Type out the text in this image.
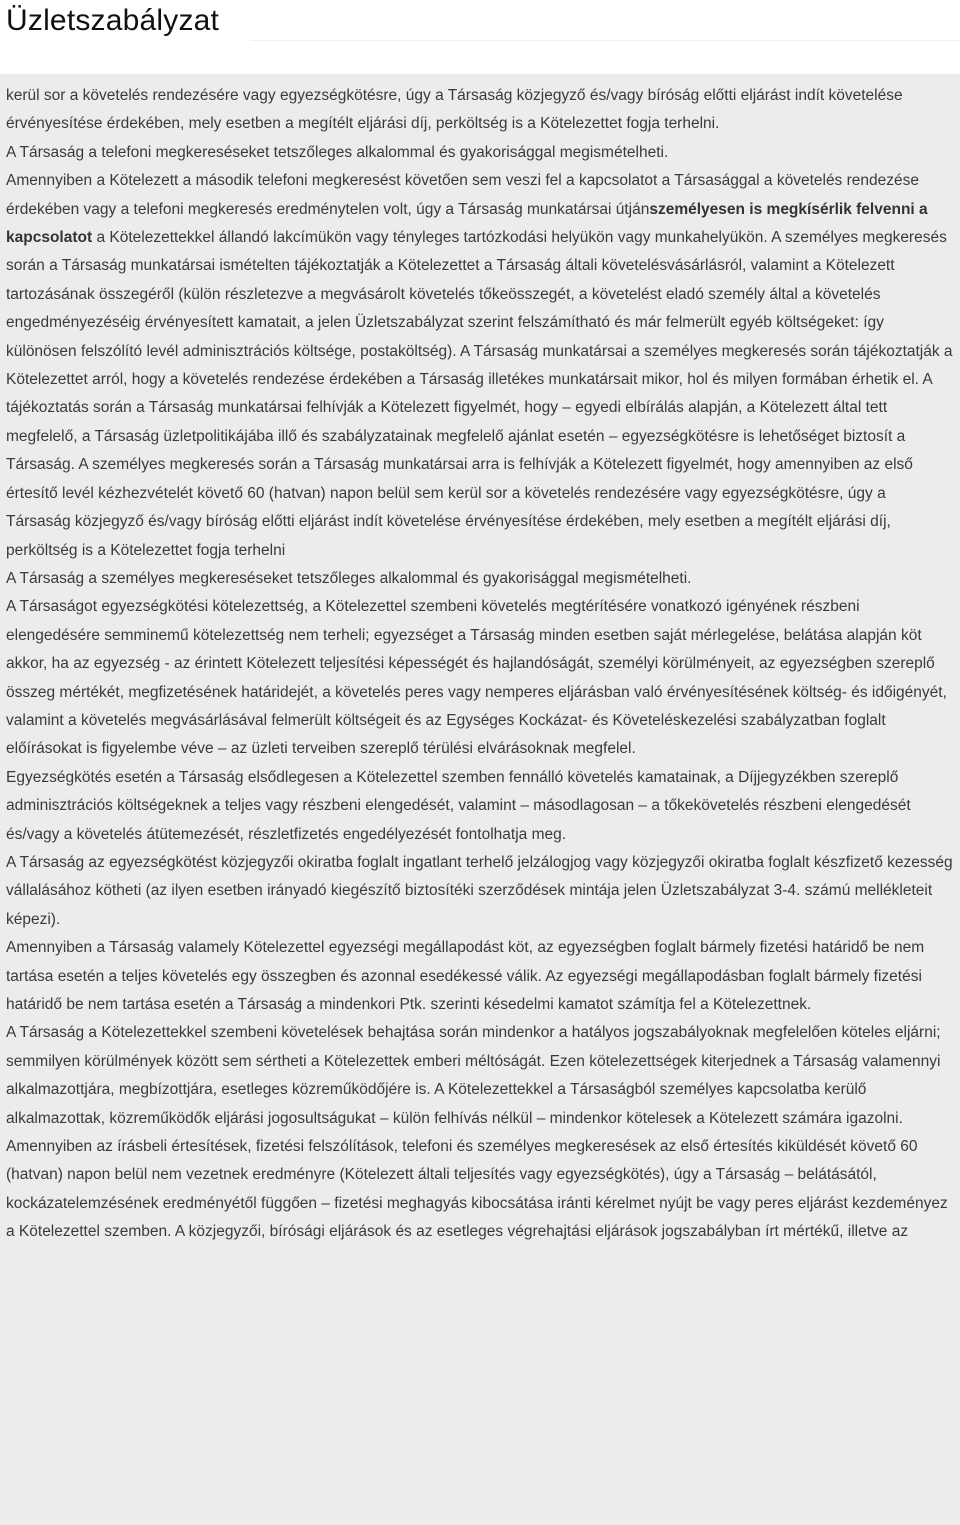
Üzletszabályzat

kerül sor a követelés rendezésére vagy egyezségkötésre, úgy a Társaság közjegyző és/vagy bíróság előtti eljárást indít követelése érvényesítése érdekében, mely esetben a megítélt eljárási díj, perköltség is a Kötelezettet fogja terhelni.

A Társaság a telefoni megkereséseket tetszőleges alkalommal és gyakorisággal megismételheti.

Amennyiben a Kötelezett a második telefoni megkeresést követően sem veszi fel a kapcsolatot a Társasággal a követelés rendezése érdekében vagy a telefoni megkeresés eredménytelen volt, úgy a Társaság munkatársai útjánszemélyesen is megkísérlik felvenni a kapcsolatot a Kötelezettekkel állandó lakcímükön vagy tényleges tartózkodási helyükön vagy munkahelyükön. A személyes megkeresés során a Társaság munkatársai ismételten tájékoztatják a Kötelezettet a Társaság általi követelésvásárlásról, valamint a Kötelezett tartozásának összegéről (külön részletezve a megvásárolt követelés tőkeösszegét, a követelést eladó személy által a követelés engedményezéséig érvényesített kamatait, a jelen Üzletszabályzat szerint felszámítható és már felmerült egyéb költségeket: így különösen felszólító levél adminisztrációs költsége, postaköltség). A Társaság munkatársai a személyes megkeresés során tájékoztatják a Kötelezettet arról, hogy a követelés rendezése érdekében a Társaság illetékes munkatársait mikor, hol és milyen formában érhetik el. A tájékoztatás során a Társaság munkatársai felhívják a Kötelezett figyelmét, hogy – egyedi elbírálás alapján, a Kötelezett által tett megfelelő, a Társaság üzletpolitikájába illő és szabályzatainak megfelelő ajánlat esetén – egyezségkötésre is lehetőséget biztosít a Társaság. A személyes megkeresés során a Társaság munkatársai arra is felhívják a Kötelezett figyelmét, hogy amennyiben az első értesítő levél kézhezvételét követő 60 (hatvan) napon belül sem kerül sor a követelés rendezésére vagy egyezségkötésre, úgy a Társaság közjegyző és/vagy bíróság előtti eljárást indít követelése érvényesítése érdekében, mely esetben a megítélt eljárási díj, perköltség is a Kötelezettet fogja terhelni

A Társaság a személyes megkereséseket tetszőleges alkalommal és gyakorisággal megismételheti.

A Társaságot egyezségkötési kötelezettség, a Kötelezettel szembeni követelés megtérítésére vonatkozó igényének részbeni elengedésére semminemű kötelezettség nem terheli; egyezséget a Társaság minden esetben saját mérlegelése, belátása alapján köt akkor, ha az egyezség - az érintett Kötelezett teljesítési képességét és hajlandóságát, személyi körülményeit, az egyezségben szereplő összeg mértékét, megfizetésének határidejét, a követelés peres vagy nemperes eljárásban való érvényesítésének költség- és időigényét, valamint a követelés megvásárlásával felmerült költségeit és az Egységes Kockázat- és Követeléskezelési szabályzatban foglalt előírásokat is figyelembe véve – az üzleti terveiben szereplő térülési elvárásoknak megfelel.

Egyezségkötés esetén a Társaság elsődlegesen a Kötelezettel szemben fennálló követelés kamatainak, a Díjjegyzékben szereplő adminisztrációs költségeknek a teljes vagy részbeni elengedését, valamint – másodlagosan – a tőkekövetelés részbeni elengedését és/vagy a követelés átütemezését, részletfizetés engedélyezését fontolhatja meg.

A Társaság az egyezségkötést közjegyzői okiratba foglalt ingatlant terhelő jelzálogjog vagy közjegyzői okiratba foglalt készfizető kezesség vállalásához kötheti (az ilyen esetben irányadó kiegészítő biztosítéki szerződések mintája jelen Üzletszabályzat 3-4. számú mellékleteit képezi).

Amennyiben a Társaság valamely Kötelezettel egyezségi megállapodást köt, az egyezségben foglalt bármely fizetési határidő be nem tartása esetén a teljes követelés egy összegben és azonnal esedékessé válik. Az egyezségi megállapodásban foglalt bármely fizetési határidő be nem tartása esetén a Társaság a mindenkori Ptk. szerinti késedelmi kamatot számítja fel a Kötelezettnek.

A Társaság a Kötelezettekkel szembeni követelések behajtása során mindenkor a hatályos jogszabályoknak megfelelően köteles eljárni; semmilyen körülmények között sem sértheti a Kötelezettek emberi méltóságát. Ezen kötelezettségek kiterjednek a Társaság valamennyi alkalmazottjára, megbízottjára, esetleges közreműködőjére is. A Kötelezettekkel a Társaságból személyes kapcsolatba kerülő alkalmazottak, közreműködők eljárási jogosultságukat – külön felhívás nélkül – mindenkor kötelesek a Kötelezett számára igazolni.

Amennyiben az írásbeli értesítések, fizetési felszólítások, telefoni és személyes megkeresések az első értesítés kiküldését követő 60 (hatvan) napon belül nem vezetnek eredményre (Kötelezett általi teljesítés vagy egyezségkötés), úgy a Társaság – belátásától, kockázatelemzésének eredményétől függően – fizetési meghagyás kibocsátása iránti kérelmet nyújt be vagy peres eljárást kezdeményez a Kötelezettel szemben. A közjegyzői, bírósági eljárások és az esetleges végrehajtási eljárások jogszabályban írt mértékű, illetve az
